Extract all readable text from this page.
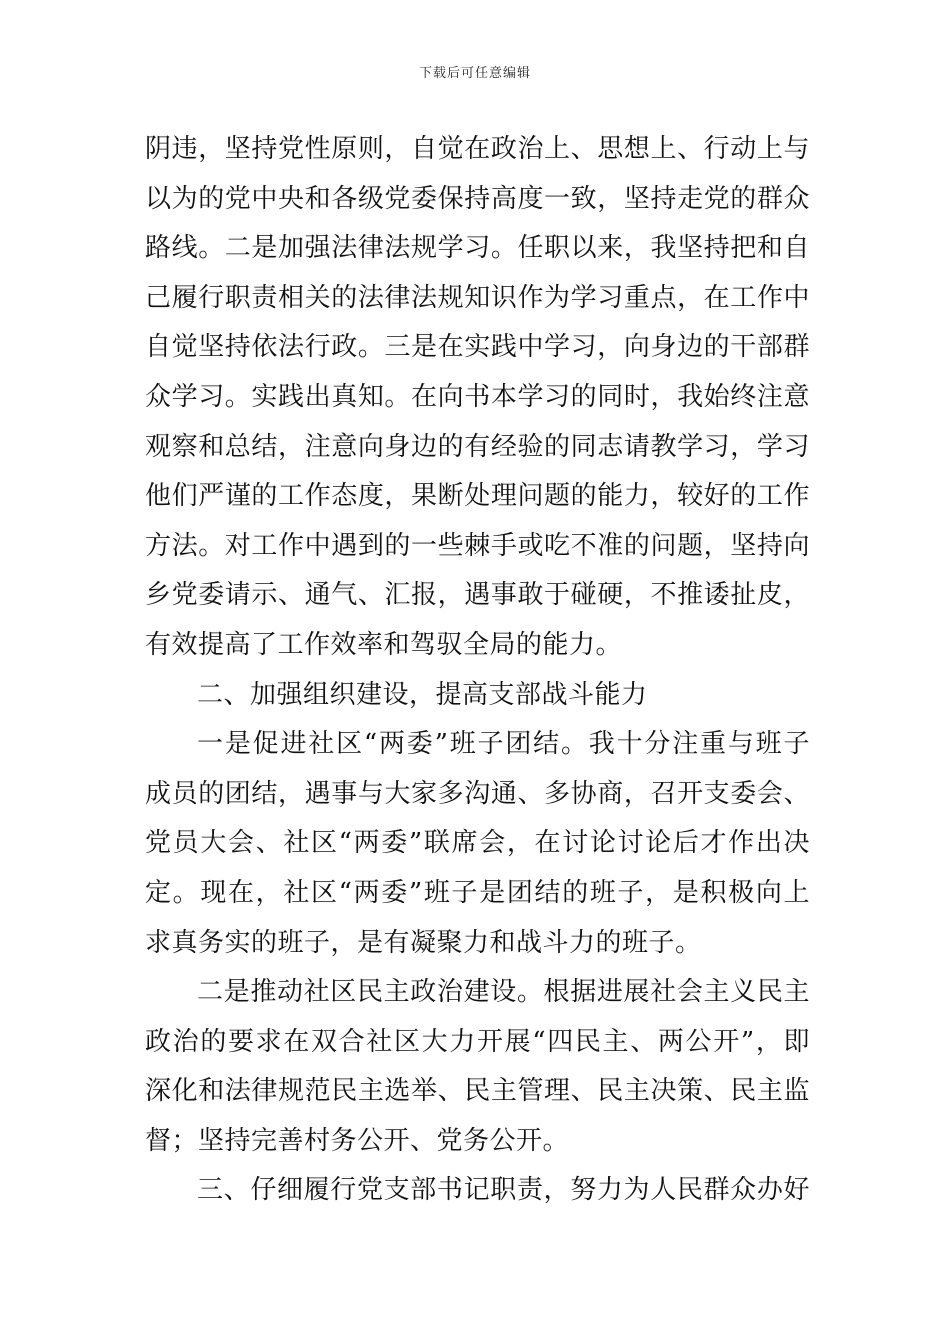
下载后可任意编辑
阴违，坚持党性原则，自觉在政治上、思想上、行动上与
以为的党中央和各级党委保持高度一致，坚持走党的群众
路线。二是加强法律法规学习。任职以来，我坚持把和自
己履行职责相关的法律法规知识作为学习重点，在工作中
自觉坚持依法行政。三是在实践中学习，向身边的干部群
众学习。实践出真知。在向书本学习的同时，我始终注意
观察和总结，注意向身边的有经验的同志请教学习，学习
他们严谨的工作态度，果断处理问题的能力，较好的工作
方法。对工作中遇到的一些棘手或吃不准的问题，坚持向
乡党委请示、通气、汇报，遇事敢于碰硬，不推诿扯皮，
有效提高了工作效率和驾驭全局的能力。
二、加强组织建设，提高支部战斗能力
一是促进社区“两委”班子团结。我十分注重与班子
成员的团结，遇事与大家多沟通、多协商，召开支委会、
党员大会、社区“两委”联席会，在讨论讨论后才作出决
定。现在，社区“两委”班子是团结的班子，是积极向上
求真务实的班子，是有凝聚力和战斗力的班子。
二是推动社区民主政治建设。根据进展社会主义民主
政治的要求在双合社区大力开展“四民主、两公开”，即
深化和法律规范民主选举、民主管理、民主决策、民主监
督；坚持完善村务公开、党务公开。
三、仔细履行党支部书记职责，努力为人民群众办好
